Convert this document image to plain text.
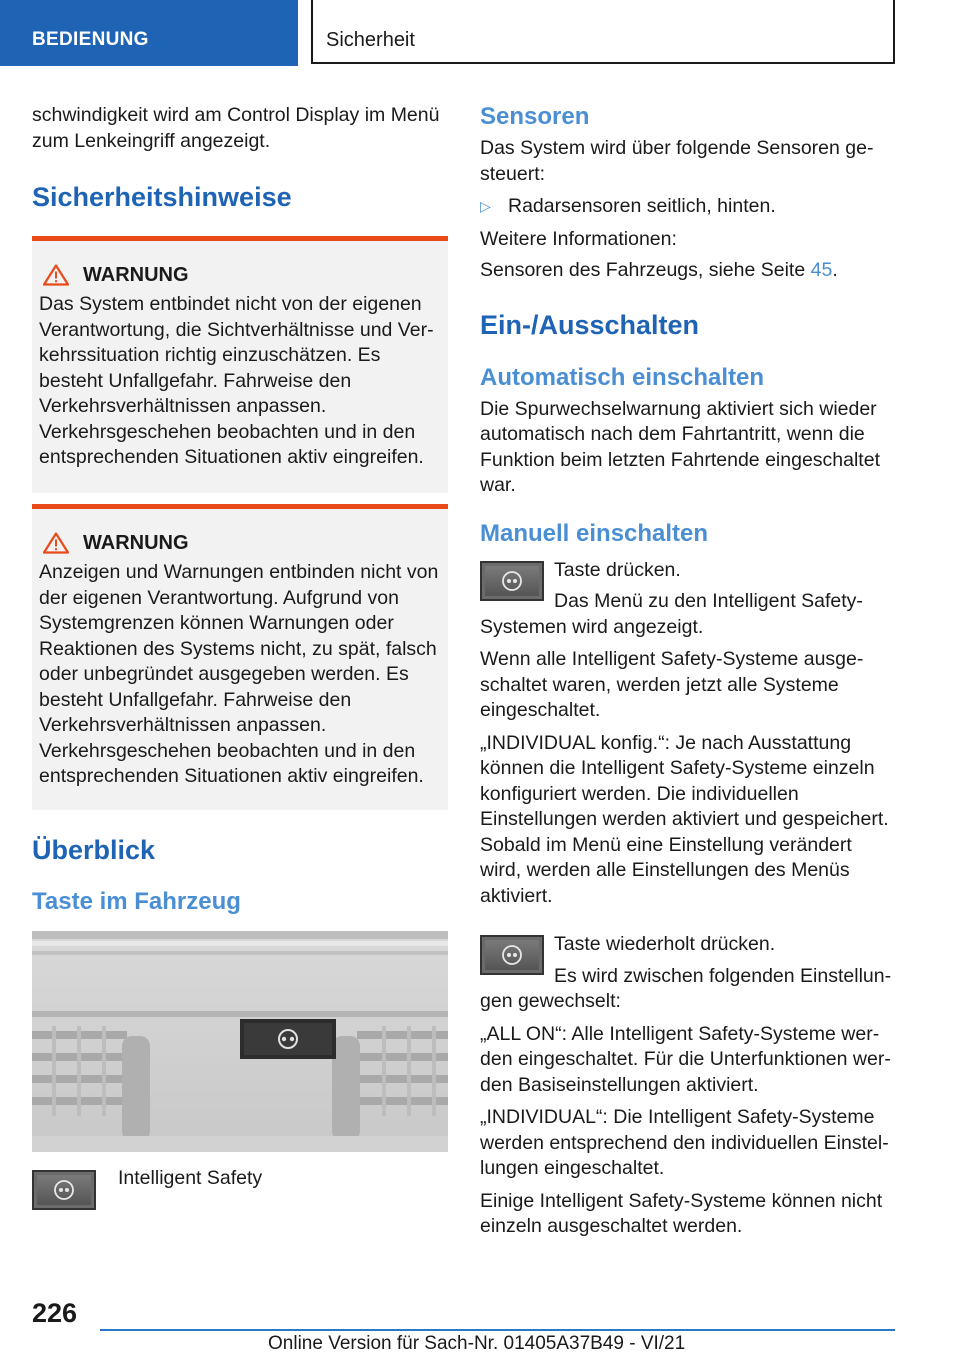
BEDIENUNG	Sicherheit

schwindigkeit wird am Control Display im Menü zum Lenkeingriff angezeigt.

Sicherheitshinweise
WARNUNG

Das System entbindet nicht von der eigenen Verantwortung, die Sichtverhältnisse und Verkehrssituation richtig einzuschätzen. Es besteht Unfallgefahr. Fahrweise den Verkehrsverhältnissen anpassen. Verkehrsgeschehen beobachten und in den entsprechenden Situationen aktiv eingreifen.

WARNUNG

Anzeigen und Warnungen entbinden nicht von der eigenen Verantwortung. Aufgrund von Systemgrenzen können Warnungen oder Reaktionen des Systems nicht, zu spät, falsch oder unbegründet ausgegeben werden. Es besteht Unfallgefahr. Fahrweise den Verkehrsverhältnissen anpassen. Verkehrsgeschehen beobachten und in den entsprechenden Situationen aktiv eingreifen.

Überblick
Taste im Fahrzeug

Intelligent Safety

Sensoren

Das System wird über folgende Sensoren gesteuert:

▷ Radarsensoren seitlich, hinten.

Weitere Informationen:

Sensoren des Fahrzeugs, siehe Seite 45.

Ein-/Ausschalten
Automatisch einschalten

Die Spurwechselwarnung aktiviert sich wieder automatisch nach dem Fahrtantritt, wenn die Funktion beim letzten Fahrtende eingeschaltet war.

Manuell einschalten

Taste drücken.

Das Menü zu den Intelligent Safety-

Systemen wird angezeigt.

Wenn alle Intelligent Safety-Systeme ausgeschaltet waren, werden jetzt alle Systeme eingeschaltet.

„INDIVIDUAL konfig.“: Je nach Ausstattung können die Intelligent Safety-Systeme einzeln konfiguriert werden. Die individuellen Einstellungen werden aktiviert und gespeichert. Sobald im Menü eine Einstellung verändert wird, werden alle Einstellungen des Menüs aktiviert.

Taste wiederholt drücken.

Es wird zwischen folgenden Einstellun-

gen gewechselt:

„ALL ON“: Alle Intelligent Safety-Systeme werden eingeschaltet. Für die Unterfunktionen werden Basiseinstellungen aktiviert.

„INDIVIDUAL“: Die Intelligent Safety-Systeme werden entsprechend den individuellen Einstellungen eingeschaltet.

Einige Intelligent Safety-Systeme können nicht einzeln ausgeschaltet werden.

226
Online Version für Sach-Nr. 01405A37B49 - VI/21
